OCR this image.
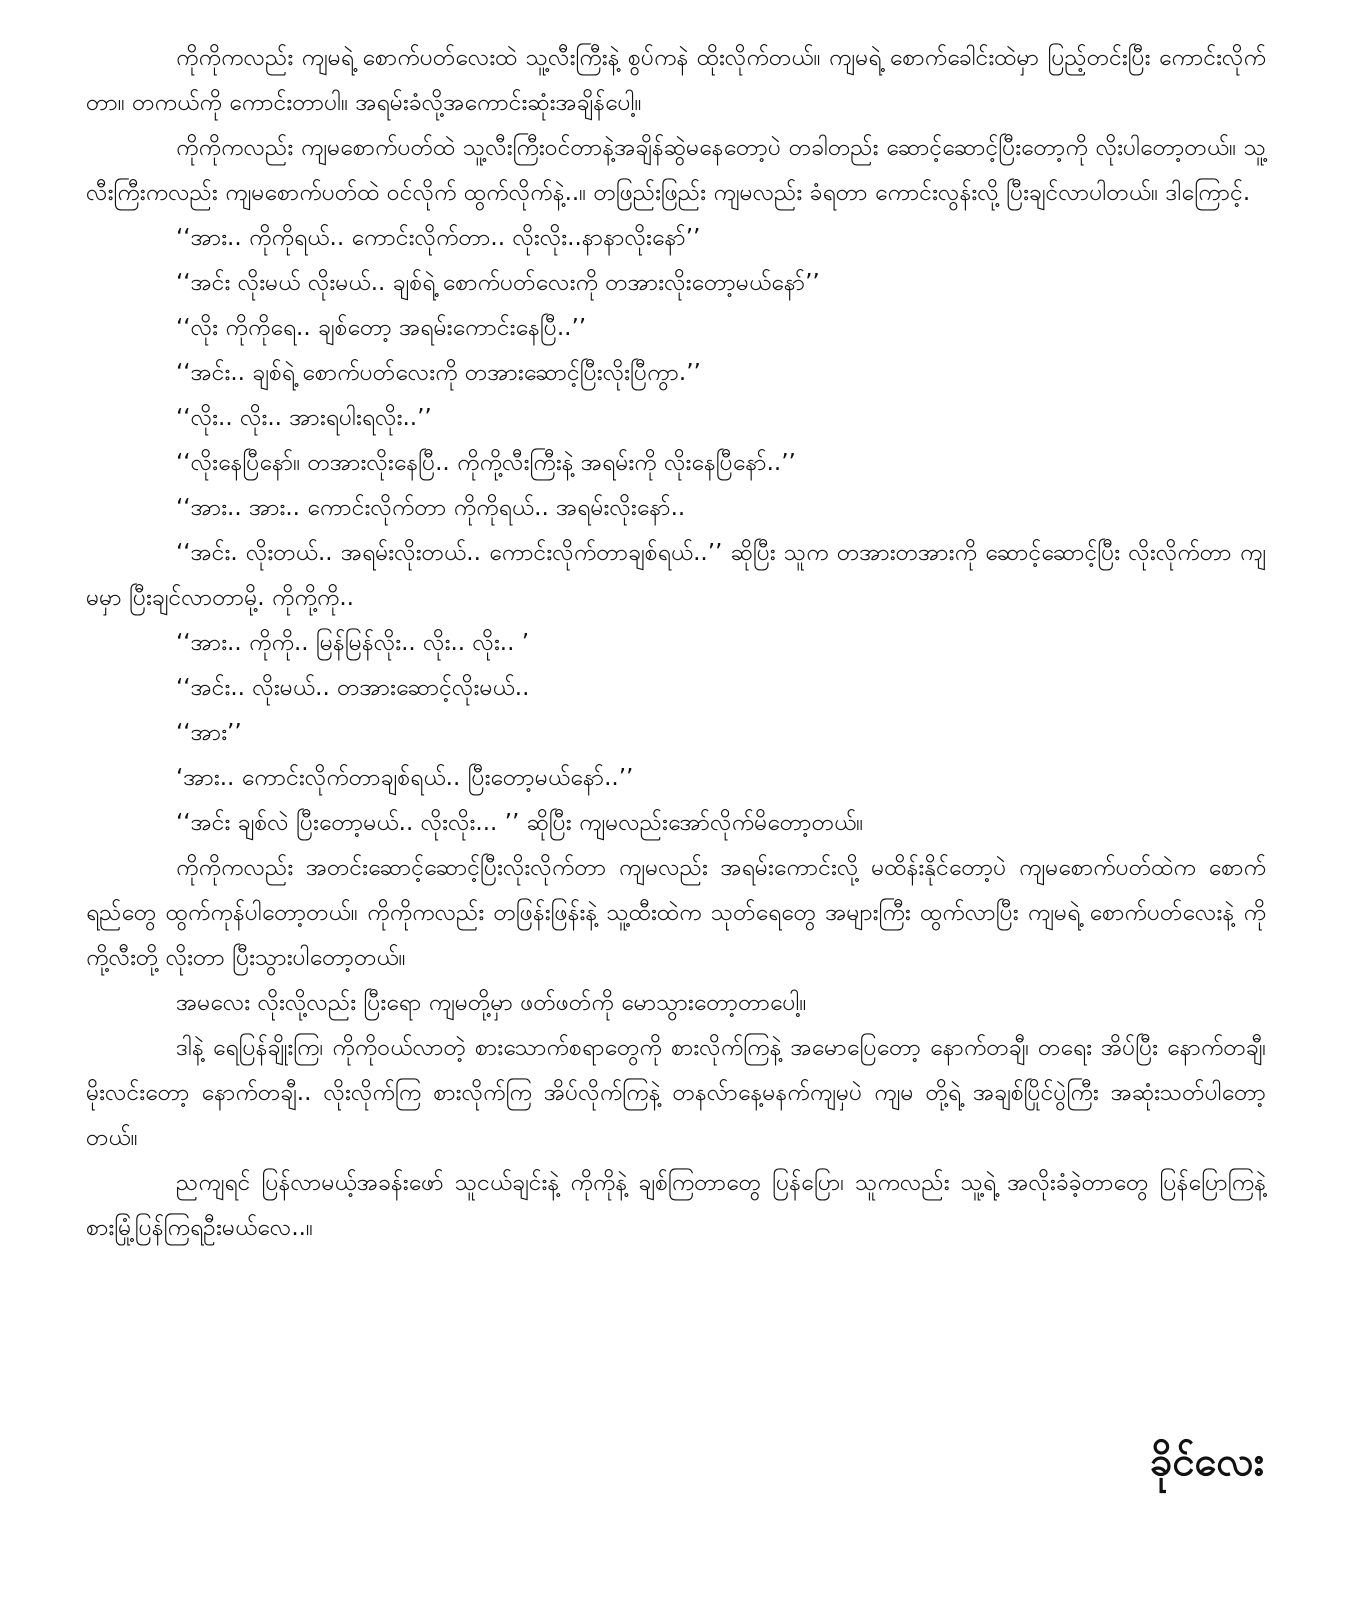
ကိုကိုကလည်း ကျမရဲ့ စောက်ပတ်လေးထဲ သူ့လီးကြီးနဲ့ စွပ်ကနဲ ထိုးလိုက်တယ်။ ကျမရဲ့ စောက်ခေါင်းထဲမှာ ပြည့်တင်းပြီး ကောင်းလိုက်တာ။ တကယ်ကို ကောင်းတာပါ။ အရမ်းခံလို့အကောင်းဆုံးအချိန်ပေါ့။

ကိုကိုကလည်း ကျမစောက်ပတ်ထဲ သူ့လီးကြီးဝင်တာနဲ့အချိန်ဆွဲမနေတော့ပဲ တခါတည်း ဆောင့်ဆောင့်ပြီးတော့ကို လိုးပါတော့တယ်။ သူ့လီးကြီးကလည်း ကျမစောက်ပတ်ထဲ ဝင်လိုက် ထွက်လိုက်နဲ့..။ တဖြည်းဖြည်း ကျမလည်း ခံရတာ ကောင်းလွန်းလို့ ပြီးချင်လာပါတယ်။ ဒါကြောင့်.

‘‘အား.. ကိုကိုရယ်.. ကောင်းလိုက်တာ.. လိုးလိုး..နာနာလိုးနော်’’

‘‘အင်း လိုးမယ် လိုးမယ်.. ချစ်ရဲ့ စောက်ပတ်လေးကို တအားလိုးတော့မယ်နော်’’

‘‘လိုး ကိုကိုရေ.. ချစ်တော့ အရမ်းကောင်းနေပြီ..’’

‘‘အင်း.. ချစ်ရဲ့ စောက်ပတ်လေးကို တအားဆောင့်ပြီးလိုးပြီကွာ.’’

‘‘လိုး.. လိုး.. အားရပါးရလိုး..’’

‘‘လိုးနေပြီနော်။ တအားလိုးနေပြီ.. ကိုကို့လီးကြီးနဲ့ အရမ်းကို လိုးနေပြီနော်..’’

‘‘အား.. အား.. ကောင်းလိုက်တာ ကိုကိုရယ်.. အရမ်းလိုးနော်..

‘‘အင်း. လိုးတယ်.. အရမ်းလိုးတယ်.. ကောင်းလိုက်တာချစ်ရယ်..’’ ဆိုပြီး သူက တအားတအားကို ဆောင့်ဆောင့်ပြီး လိုးလိုက်တာ ကျမမှာ ပြီးချင်လာတာမို့. ကိုကို့ကို..

‘‘အား.. ကိုကို.. မြန်မြန်လိုး.. လိုး.. လိုး.. ’

‘‘အင်း.. လိုးမယ်.. တအားဆောင့်လိုးမယ်..

‘‘အား’’

‘အား.. ကောင်းလိုက်တာချစ်ရယ်.. ပြီးတော့မယ်နော်..’’

‘‘အင်း ချစ်လဲ ပြီးတော့မယ်.. လိုးလိုး... ’’ ဆိုပြီး ကျမလည်းအော်လိုက်မိတော့တယ်။

ကိုကိုကလည်း အတင်းဆောင့်ဆောင့်ပြီးလိုးလိုက်တာ ကျမလည်း အရမ်းကောင်းလို့ မထိန်းနိုင်တော့ပဲ ကျမစောက်ပတ်ထဲက စောက်ရည်တွေ ထွက်ကုန်ပါတော့တယ်။ ကိုကိုကလည်း တဖြန်းဖြန်းနဲ့ သူ့ထီးထဲက သုတ်ရေတွေ အများကြီး ထွက်လာပြီး ကျမရဲ့ စောက်ပတ်လေးနဲ့ ကိုကို့လီးတို့ လိုးတာ ပြီးသွားပါတော့တယ်။

အမလေး လိုးလို့လည်း ပြီးရော ကျမတို့မှာ ဖတ်ဖတ်ကို မောသွားတော့တာပေါ့။

ဒါနဲ့ ရေပြန်ချိုးကြ၊ ကိုကိုဝယ်လာတဲ့ စားသောက်စရာတွေကို စားလိုက်ကြနဲ့ အမောပြေတော့ နောက်တချီ၊ တရေး အိပ်ပြီး နောက်တချီ၊ မိုးလင်းတော့ နောက်တချီ.. လိုးလိုက်ကြ စားလိုက်ကြ အိပ်လိုက်ကြနဲ့ တနလ်ာနေ့မနက်ကျမှပဲ ကျမ တို့ရဲ့ အချစ်ပြိုင်ပွဲကြီး အဆုံးသတ်ပါတော့တယ်။

ညကျရင် ပြန်လာမယ့်အခန်းဖော် သူငယ်ချင်းနဲ့ ကိုကိုနဲ့ ချစ်ကြတာတွေ ပြန်ပြော၊ သူကလည်း သူ့ရဲ့ အလိုးခံခဲ့တာတွေ ပြန်ပြောကြနဲ့ စားမြုံ့ပြန်ကြရဦးမယ်လေ..။

ခိုင်လေး
